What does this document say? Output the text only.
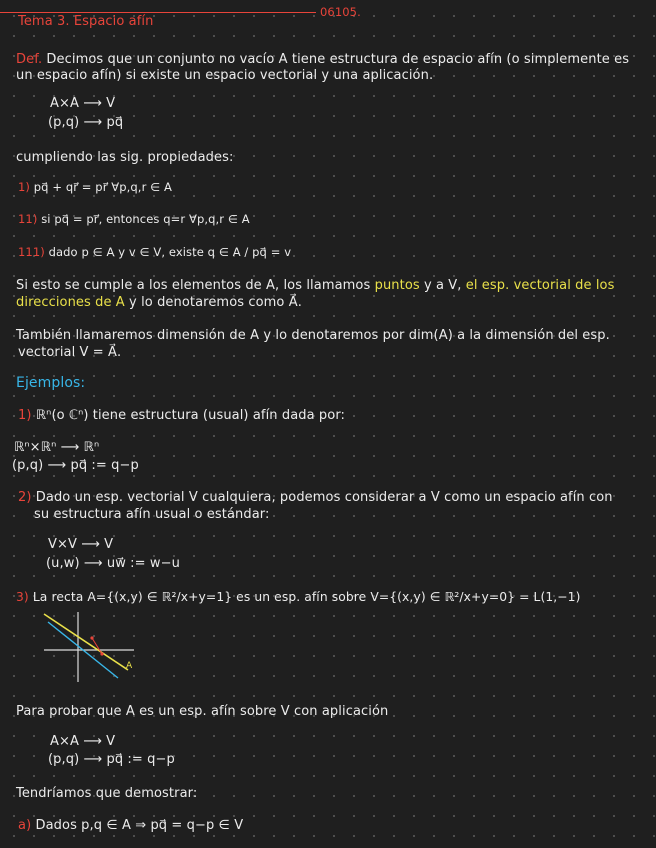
Tema 3. Espacio afín
06105.
Def. Decimos que un conjunto no vacío A tiene estructura de espacio afín (o simplemente es
un espacio afín) si existe un espacio vectorial y una aplicación.
A×A ⟶ V
(p,q) ⟶ pq⃗
cumpliendo las sig. propiedades:
1) pq⃗ + qr⃗ = pr⃗ ∀p,q,r ∈ A
11) si pq⃗ = pr⃗, entonces q=r ∀p,q,r ∈ A
111) dado p ∈ A y v ∈ V, existe q ∈ A / pq⃗ = v
Si esto se cumple a los elementos de A, los llamamos puntos y a V, el esp. vectorial de los
direcciones de A y lo denotaremos como A⃗.
También llamaremos dimensión de A y lo denotaremos por dim(A) a la dimensión del esp.
vectorial V = A⃗.
Ejemplos:
1) ℝⁿ(o ℂⁿ) tiene estructura (usual) afín dada por:
ℝⁿ×ℝⁿ ⟶ ℝⁿ
(p,q) ⟶ pq⃗ := q−p
2) Dado un esp. vectorial V cualquiera, podemos considerar a V como un espacio afín con
su estructura afín usual o estándar:
V×V ⟶ V
(u,w) ⟶ uw⃗ := w−u
3) La recta A={(x,y) ∈ ℝ²/x+y=1} es un esp. afín sobre V={(x,y) ∈ ℝ²/x+y=0} = L(1,−1)
A
Para probar que A es un esp. afín sobre V con aplicación
A×A ⟶ V
(p,q) ⟶ pq⃗ := q−p
Tendríamos que demostrar:
a) Dados p,q ∈ A ⇒ pq⃗ = q−p ∈ V
